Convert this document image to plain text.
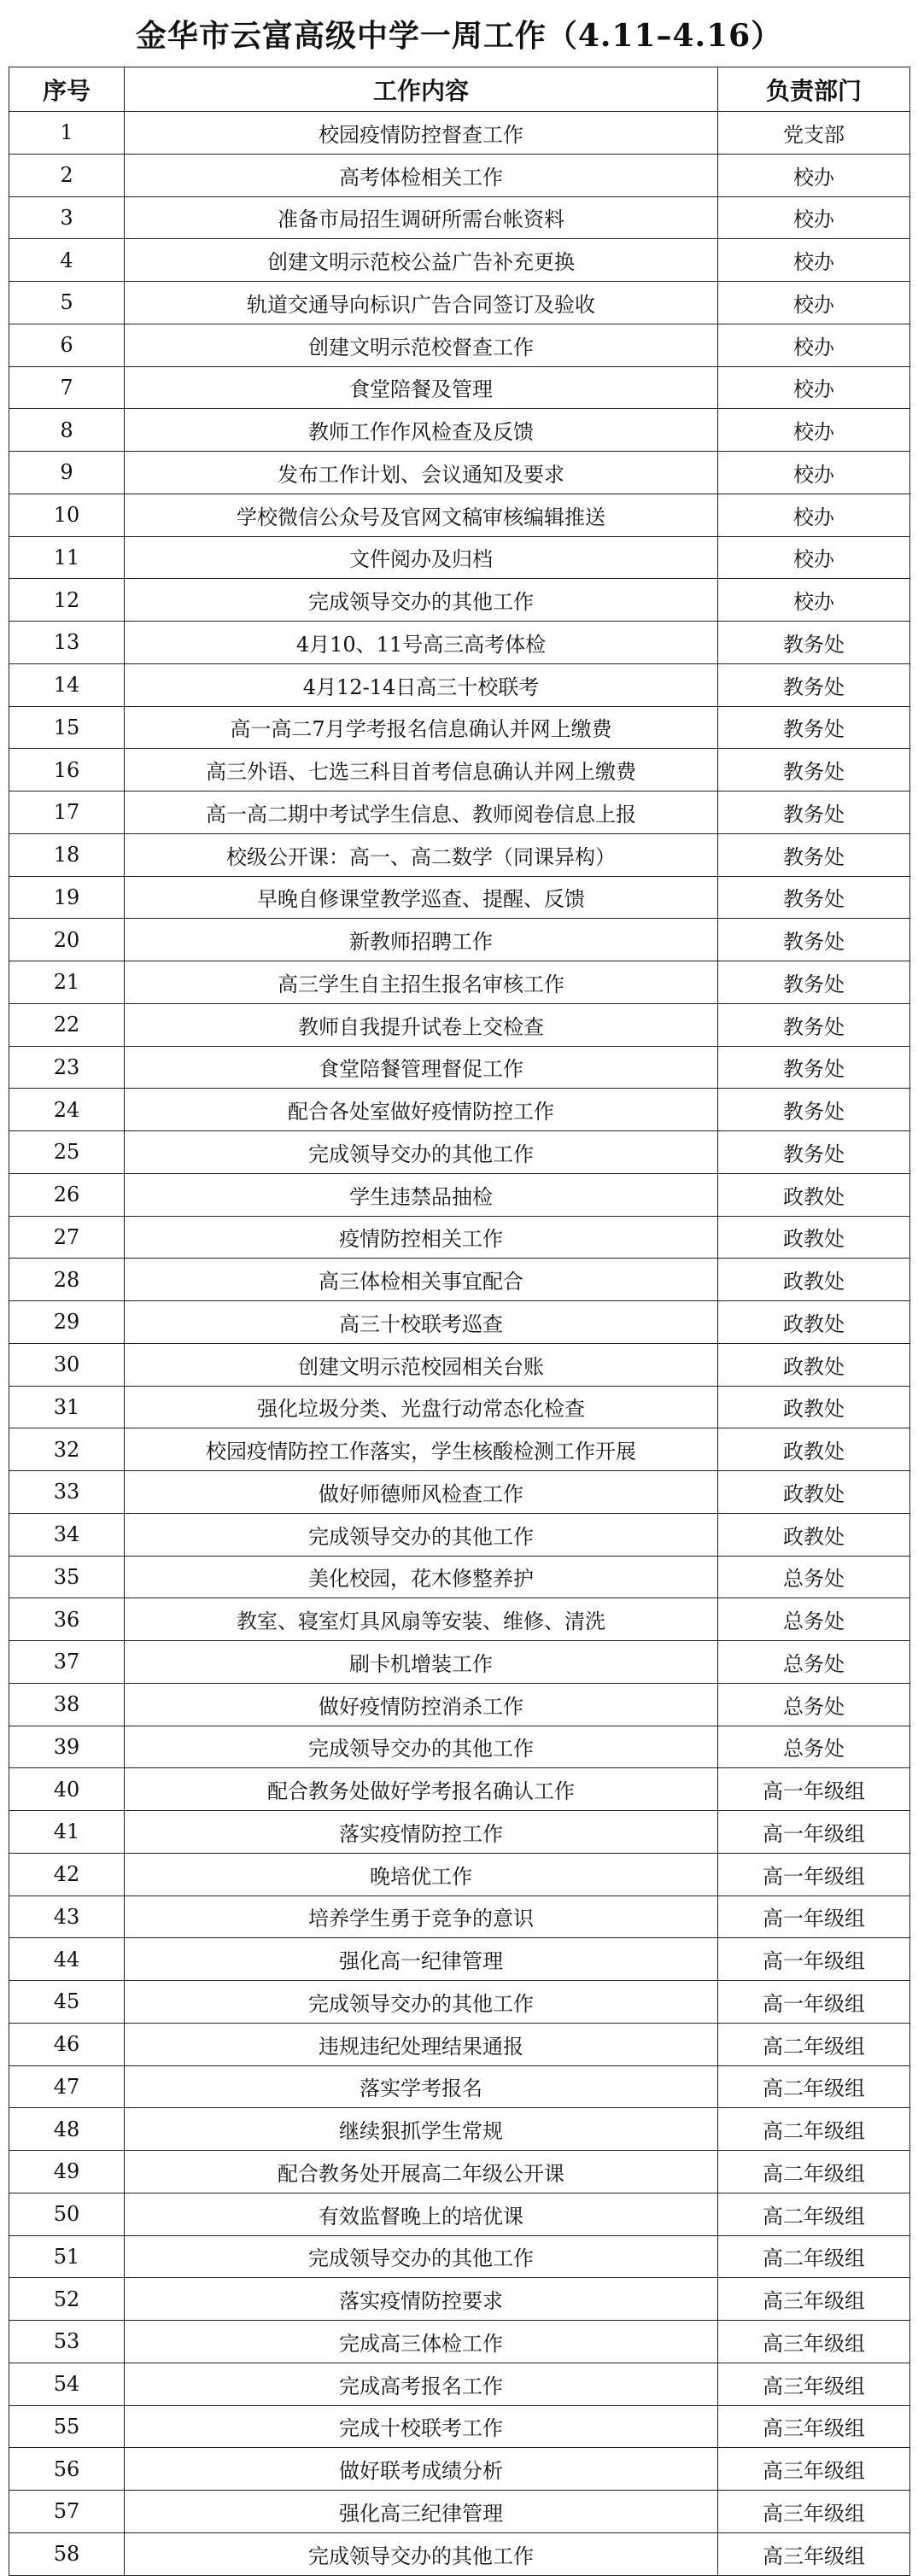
金华市云富高级中学一周工作（4.11–4.16）
序号	工作内容	负责部门
1	校园疫情防控督查工作	党支部
2	高考体检相关工作	校办
3	准备市局招生调研所需台帐资料	校办
4	创建文明示范校公益广告补充更换	校办
5	轨道交通导向标识广告合同签订及验收	校办
6	创建文明示范校督查工作	校办
7	食堂陪餐及管理	校办
8	教师工作作风检查及反馈	校办
9	发布工作计划、会议通知及要求	校办
10	学校微信公众号及官网文稿审核编辑推送	校办
11	文件阅办及归档	校办
12	完成领导交办的其他工作	校办
13	4月10、11号高三高考体检	教务处
14	4月12-14日高三十校联考	教务处
15	高一高二7月学考报名信息确认并网上缴费	教务处
16	高三外语、七选三科目首考信息确认并网上缴费	教务处
17	高一高二期中考试学生信息、教师阅卷信息上报	教务处
18	校级公开课：高一、高二数学（同课异构）	教务处
19	早晚自修课堂教学巡查、提醒、反馈	教务处
20	新教师招聘工作	教务处
21	高三学生自主招生报名审核工作	教务处
22	教师自我提升试卷上交检查	教务处
23	食堂陪餐管理督促工作	教务处
24	配合各处室做好疫情防控工作	教务处
25	完成领导交办的其他工作	教务处
26	学生违禁品抽检	政教处
27	疫情防控相关工作	政教处
28	高三体检相关事宜配合	政教处
29	高三十校联考巡查	政教处
30	创建文明示范校园相关台账	政教处
31	强化垃圾分类、光盘行动常态化检查	政教处
32	校园疫情防控工作落实，学生核酸检测工作开展	政教处
33	做好师德师风检查工作	政教处
34	完成领导交办的其他工作	政教处
35	美化校园，花木修整养护	总务处
36	教室、寝室灯具风扇等安装、维修、清洗	总务处
37	刷卡机增装工作	总务处
38	做好疫情防控消杀工作	总务处
39	完成领导交办的其他工作	总务处
40	配合教务处做好学考报名确认工作	高一年级组
41	落实疫情防控工作	高一年级组
42	晚培优工作	高一年级组
43	培养学生勇于竞争的意识	高一年级组
44	强化高一纪律管理	高一年级组
45	完成领导交办的其他工作	高一年级组
46	违规违纪处理结果通报	高二年级组
47	落实学考报名	高二年级组
48	继续狠抓学生常规	高二年级组
49	配合教务处开展高二年级公开课	高二年级组
50	有效监督晚上的培优课	高二年级组
51	完成领导交办的其他工作	高二年级组
52	落实疫情防控要求	高三年级组
53	完成高三体检工作	高三年级组
54	完成高考报名工作	高三年级组
55	完成十校联考工作	高三年级组
56	做好联考成绩分析	高三年级组
57	强化高三纪律管理	高三年级组
58	完成领导交办的其他工作	高三年级组
